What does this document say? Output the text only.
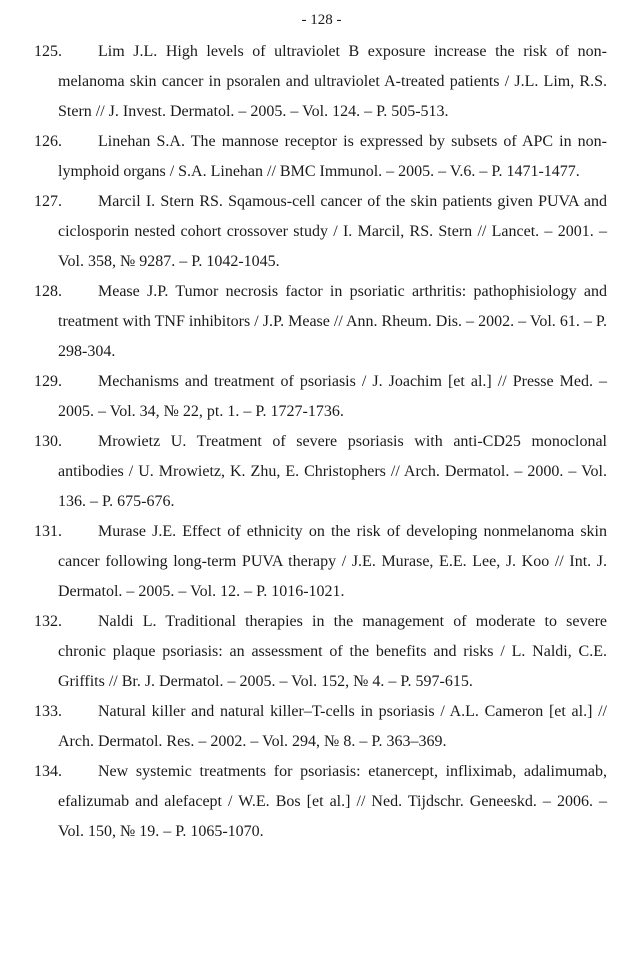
- 128 -
125. Lim J.L. High levels of ultraviolet B exposure increase the risk of non-melanoma skin cancer in psoralen and ultraviolet A-treated patients / J.L. Lim, R.S. Stern // J. Invest. Dermatol. – 2005. – Vol. 124. – P. 505-513.
126. Linehan S.A. The mannose receptor is expressed by subsets of APC in non-lymphoid organs / S.A. Linehan // BMC Immunol. – 2005. – V.6. – P. 1471-1477.
127. Marcil I. Stern RS. Sqamous-cell cancer of the skin patients given PUVA and ciclosporin nested cohort crossover study / I. Marcil, RS. Stern // Lancet. – 2001. – Vol. 358, № 9287. – P. 1042-1045.
128. Mease J.P. Tumor necrosis factor in psoriatic arthritis: pathophisiology and treatment with TNF inhibitors / J.P. Mease // Ann. Rheum. Dis. – 2002. – Vol. 61. – P. 298-304.
129. Mechanisms and treatment of psoriasis / J. Joachim [et al.] // Presse Med. – 2005. – Vol. 34, № 22, pt. 1. – P. 1727-1736.
130. Mrowietz U. Treatment of severe psoriasis with anti-CD25 monoclonal antibodies / U. Mrowietz, K. Zhu, E. Christophers // Arch. Dermatol. – 2000. – Vol. 136. – P. 675-676.
131. Murase J.E. Effect of ethnicity on the risk of developing nonmelanoma skin cancer following long-term PUVA therapy / J.E. Murase, E.E. Lee, J. Koo // Int. J. Dermatol. – 2005. – Vol. 12. – P. 1016-1021.
132. Naldi L. Traditional therapies in the management of moderate to severe chronic plaque psoriasis: an assessment of the benefits and risks / L. Naldi, C.E. Griffits // Br. J. Dermatol. – 2005. – Vol. 152, № 4. – P. 597-615.
133. Natural killer and natural killer–T-cells in psoriasis / A.L. Cameron [et al.] // Arch. Dermatol. Res. – 2002. – Vol. 294, № 8. – P. 363–369.
134. New systemic treatments for psoriasis: etanercept, infliximab, adalimumab, efalizumab and alefacept / W.E. Bos [et al.] // Ned. Tijdschr. Geneeskd. – 2006. – Vol. 150, № 19. – P. 1065-1070.
